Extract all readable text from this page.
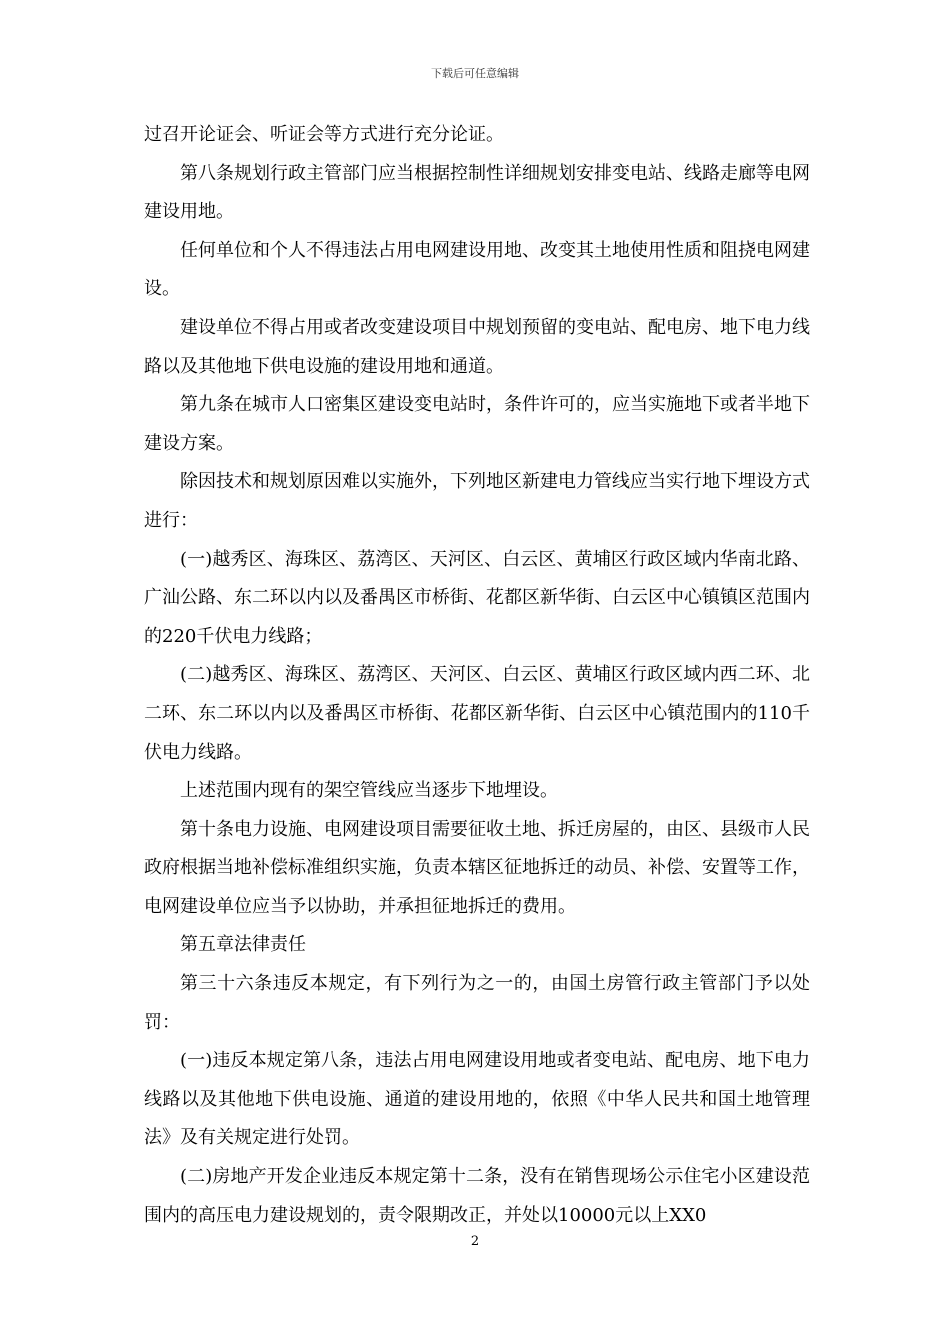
下载后可任意编辑

过召开论证会、听证会等方式进行充分论证。

第八条规划行政主管部门应当根据控制性详细规划安排变电站、线路走廊等电网建设用地。

任何单位和个人不得违法占用电网建设用地、改变其土地使用性质和阻挠电网建设。

建设单位不得占用或者改变建设项目中规划预留的变电站、配电房、地下电力线路以及其他地下供电设施的建设用地和通道。

第九条在城市人口密集区建设变电站时，条件许可的，应当实施地下或者半地下建设方案。

除因技术和规划原因难以实施外，下列地区新建电力管线应当实行地下埋设方式进行：

(一)越秀区、海珠区、荔湾区、天河区、白云区、黄埔区行政区域内华南北路、广汕公路、东二环以内以及番禺区市桥街、花都区新华街、白云区中心镇镇区范围内的220千伏电力线路；

(二)越秀区、海珠区、荔湾区、天河区、白云区、黄埔区行政区域内西二环、北二环、东二环以内以及番禺区市桥街、花都区新华街、白云区中心镇范围内的110千伏电力线路。

上述范围内现有的架空管线应当逐步下地埋设。

第十条电力设施、电网建设项目需要征收土地、拆迁房屋的，由区、县级市人民政府根据当地补偿标准组织实施，负责本辖区征地拆迁的动员、补偿、安置等工作，电网建设单位应当予以协助，并承担征地拆迁的费用。

第五章法律责任

第三十六条违反本规定，有下列行为之一的，由国土房管行政主管部门予以处罚：

(一)违反本规定第八条，违法占用电网建设用地或者变电站、配电房、地下电力线路以及其他地下供电设施、通道的建设用地的，依照《中华人民共和国土地管理法》及有关规定进行处罚。

(二)房地产开发企业违反本规定第十二条，没有在销售现场公示住宅小区建设范围内的高压电力建设规划的，责令限期改正，并处以10000元以上XX0

2
